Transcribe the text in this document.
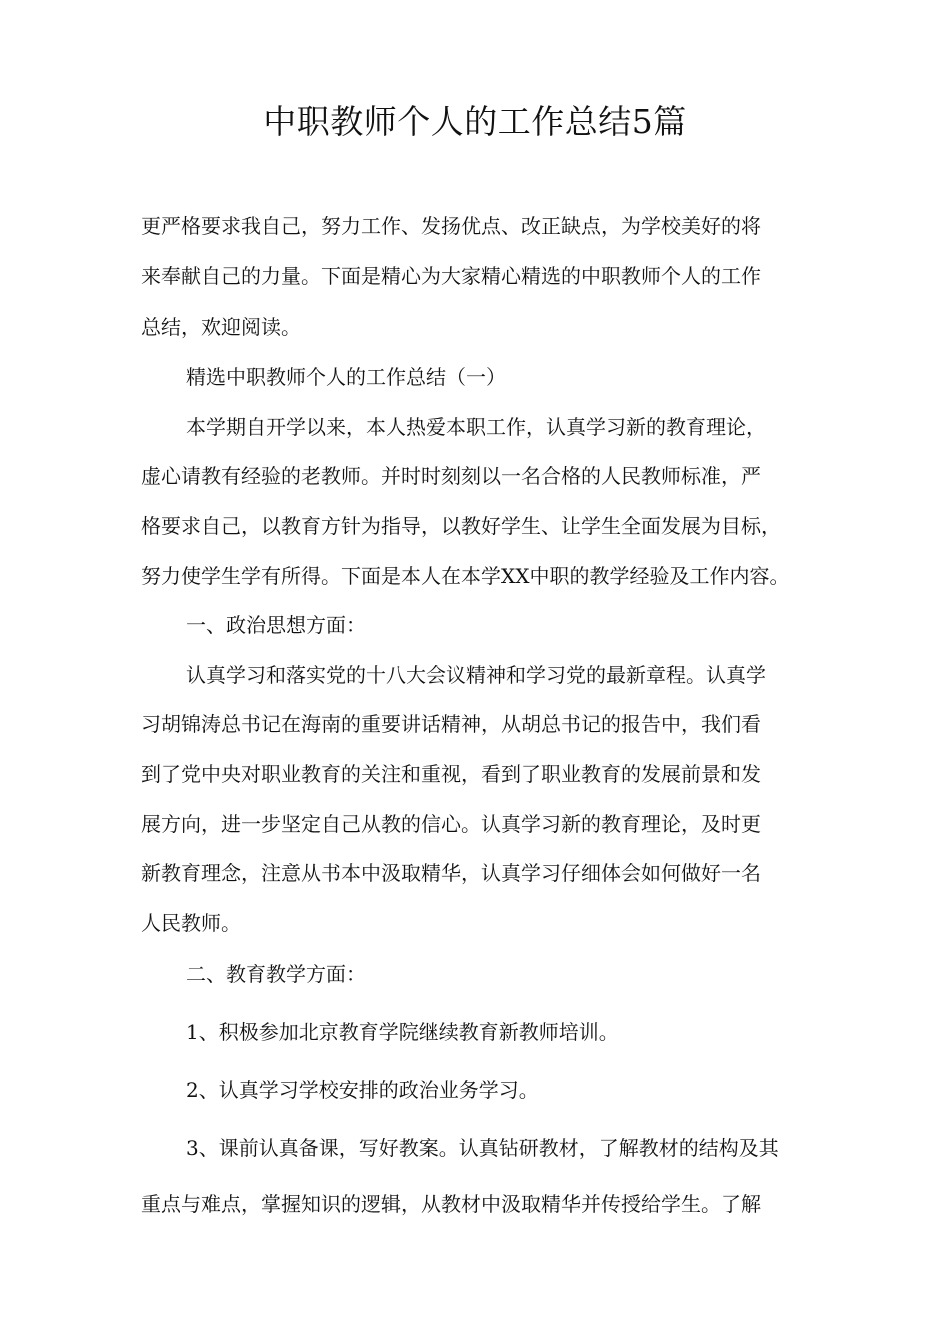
中职教师个人的工作总结5篇
更严格要求我自己，努力工作、发扬优点、改正缺点，为学校美好的将
来奉献自己的力量。下面是精心为大家精心精选的中职教师个人的工作
总结，欢迎阅读。
精选中职教师个人的工作总结（一）
本学期自开学以来，本人热爱本职工作，认真学习新的教育理论，
虚心请教有经验的老教师。并时时刻刻以一名合格的人民教师标准，严
格要求自己，以教育方针为指导，以教好学生、让学生全面发展为目标，
努力使学生学有所得。下面是本人在本学XX中职的教学经验及工作内容。
一、政治思想方面：
认真学习和落实党的十八大会议精神和学习党的最新章程。认真学
习胡锦涛总书记在海南的重要讲话精神，从胡总书记的报告中，我们看
到了党中央对职业教育的关注和重视，看到了职业教育的发展前景和发
展方向，进一步坚定自己从教的信心。认真学习新的教育理论，及时更
新教育理念，注意从书本中汲取精华，认真学习仔细体会如何做好一名
人民教师。
二、教育教学方面：
1、积极参加北京教育学院继续教育新教师培训。
2、认真学习学校安排的政治业务学习。
3、课前认真备课，写好教案。认真钻研教材，了解教材的结构及其
重点与难点，掌握知识的逻辑，从教材中汲取精华并传授给学生。了解
